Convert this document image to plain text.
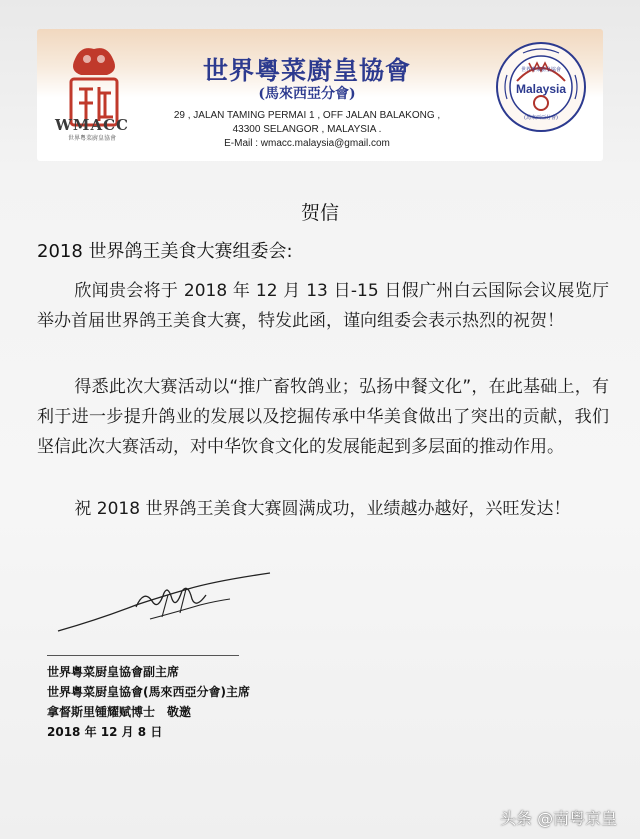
WMACC
世界粵菜廚皇協會
世界粵菜廚皇協會
(馬來西亞分會)
29 , JALAN TAMING PERMAI 1 , OFF JALAN BALAKONG ,
43300 SELANGOR , MALAYSIA .
E-Mail : wmacc.malaysia@gmail.com
Malaysia
世界粵菜廚皇協會
(馬來西亞分會)
贺信
2018 世界鸽王美食大赛组委会:
欣闻贵会将于 2018 年 12 月 13 日-15 日假广州白云国际会议展览厅举办首届世界鸽王美食大赛，特发此函，谨向组委会表示热烈的祝贺！
得悉此次大赛活动以“推广畜牧鸽业；弘扬中餐文化”，在此基础上，有利于进一步提升鸽业的发展以及挖掘传承中华美食做出了突出的贡献，我们坚信此次大赛活动，对中华饮食文化的发展能起到多层面的推动作用。
祝 2018 世界鸽王美食大赛圆满成功，业绩越办越好，兴旺发达！
世界粵菜厨皇協會副主席
世界粵菜厨皇協會(馬來西亞分會)主席
拿督斯里锺耀赋博士　敬邀
2018 年 12 月 8 日
头条 @南粤京皇
